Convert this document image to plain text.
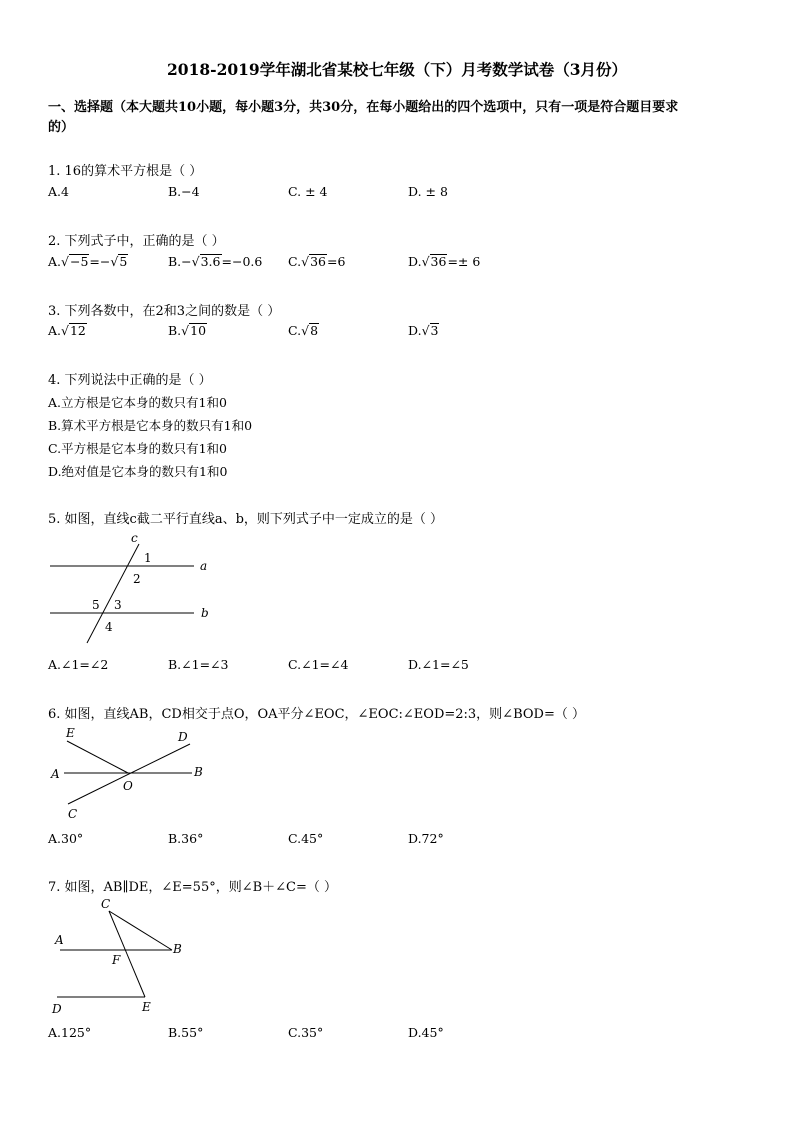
2018-2019学年湖北省某校七年级（下）月考数学试卷（3月份）
一、选择题（本大题共10小题，每小题3分，共30分，在每小题给出的四个选项中，只有一项是符合题目要求
的）
1. 16的算术平方根是（ ）
A.4	B.−4	C. ± 4	D. ± 8
2. 下列式子中，正确的是（ ）
A.√−5=−√5	B.−√3.6=−0.6 C.√36=6	D.√36=± 6
3. 下列各数中，在2和3之间的数是（ ）
A.√12	B.√10	C.√8	D.√3
4. 下列说法中正确的是（ ）
A.立方根是它本身的数只有1和0
B.算术平方根是它本身的数只有1和0
C.平方根是它本身的数只有1和0
D.绝对值是它本身的数只有1和0
5. 如图，直线c截二平行直线a、b，则下列式子中一定成立的是（ ）
c
a
b
1
2
3
4
5
A.∠1=∠2	B.∠1=∠3	C.∠1=∠4	D.∠1=∠5
6. 如图，直线AB，CD相交于点O，OA平分∠EOC，∠EOC:∠EOD=2:3，则∠BOD=（ ）
E	D
A	B
O
C
A.30°	B.36°	C.45°	D.72°
7. 如图，AB∥DE，∠E=55°，则∠B＋∠C=（ ）
C
A
B
F
D	E
A.125°	B.55°	C.35°	D.45°
